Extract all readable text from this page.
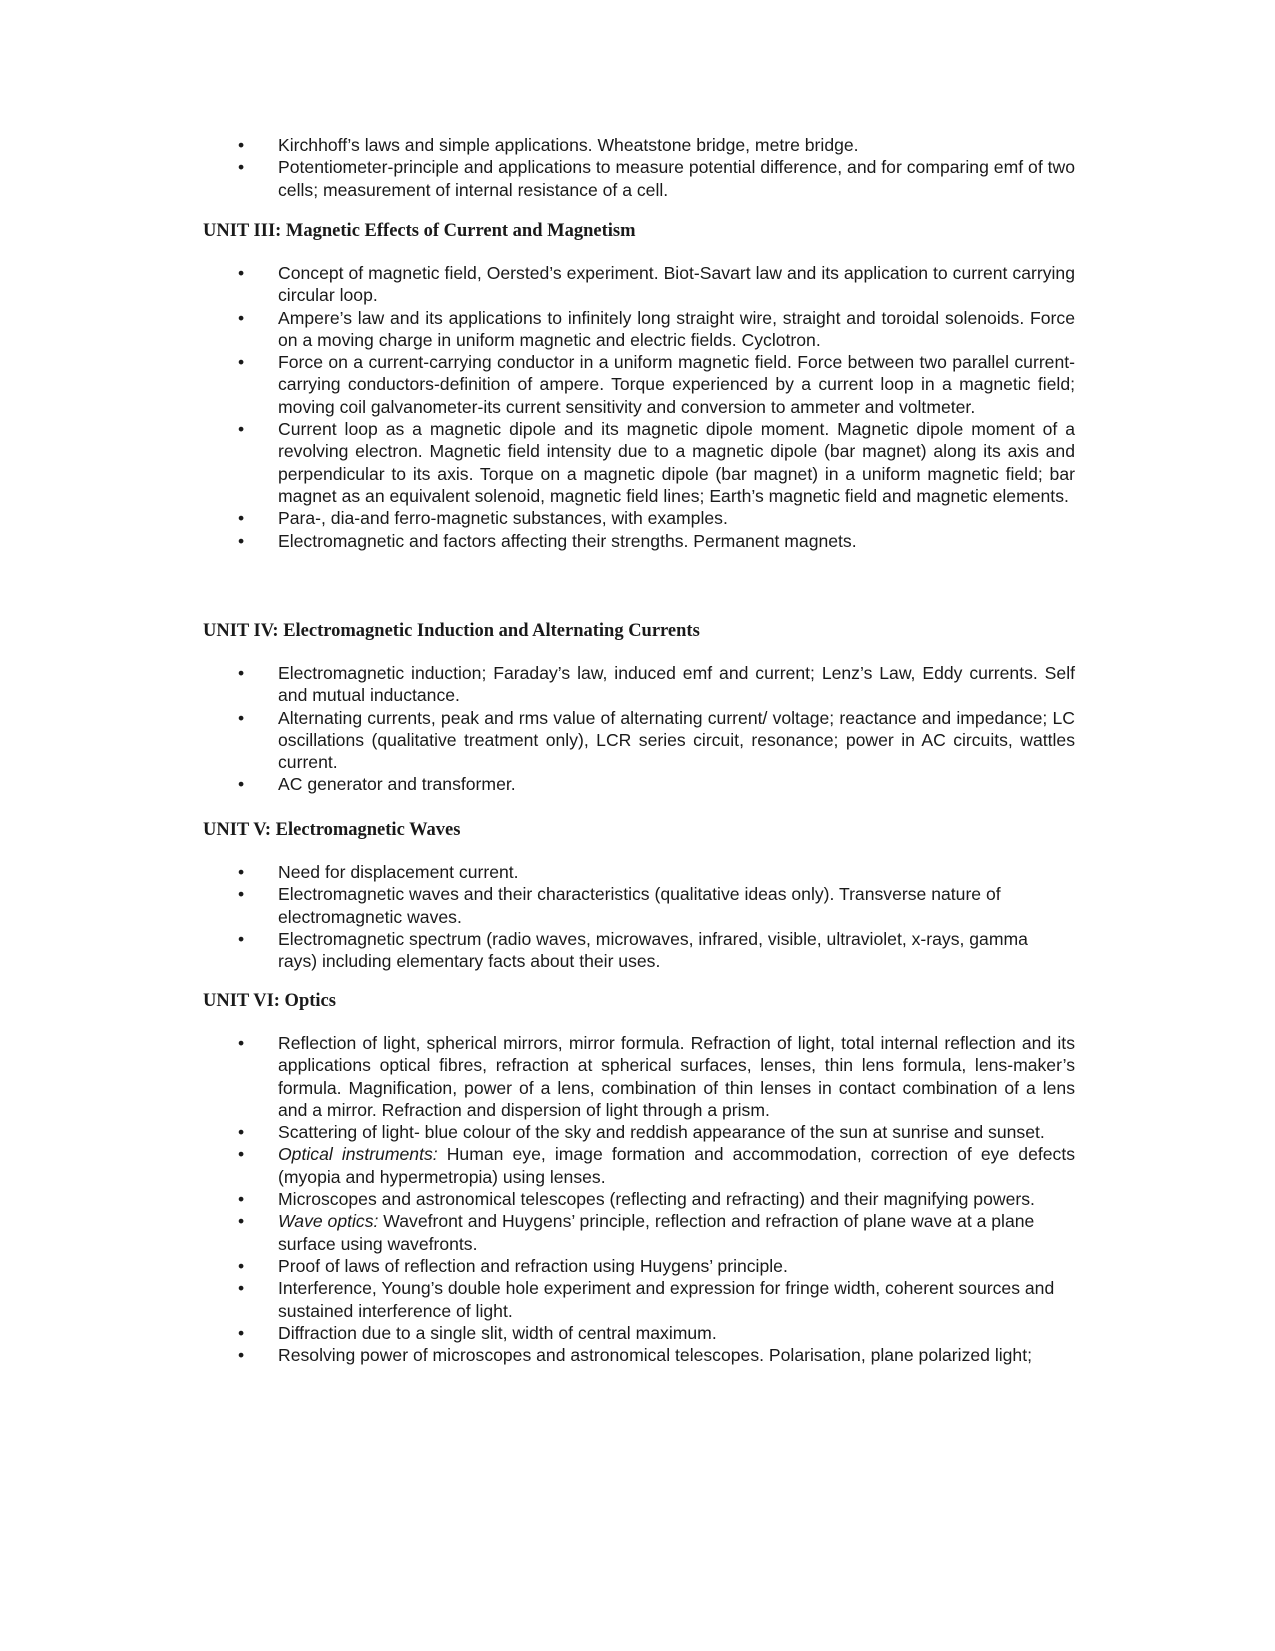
• Kirchhoff’s laws and simple applications. Wheatstone bridge, metre bridge.
• Potentiometer-principle and applications to measure potential difference, and for comparing emf of two cells; measurement of internal resistance of a cell.
UNIT III: Magnetic Effects of Current and Magnetism
• Concept of magnetic field, Oersted’s experiment. Biot-Savart law and its application to current carrying circular loop.
• Ampere’s law and its applications to infinitely long straight wire, straight and toroidal solenoids. Force on a moving charge in uniform magnetic and electric fields. Cyclotron.
• Force on a current-carrying conductor in a uniform magnetic field. Force between two parallel current-carrying conductors-definition of ampere. Torque experienced by a current loop in a magnetic field; moving coil galvanometer-its current sensitivity and conversion to ammeter and voltmeter.
• Current loop as a magnetic dipole and its magnetic dipole moment. Magnetic dipole moment of a revolving electron. Magnetic field intensity due to a magnetic dipole (bar magnet) along its axis and perpendicular to its axis. Torque on a magnetic dipole (bar magnet) in a uniform magnetic field; bar magnet as an equivalent solenoid, magnetic field lines; Earth’s magnetic field and magnetic elements.
• Para-, dia-and ferro-magnetic substances, with examples.
• Electromagnetic and factors affecting their strengths. Permanent magnets.
UNIT IV: Electromagnetic Induction and Alternating Currents
• Electromagnetic induction; Faraday’s law, induced emf and current; Lenz’s Law, Eddy currents. Self and mutual inductance.
• Alternating currents, peak and rms value of alternating current/ voltage; reactance and impedance; LC oscillations (qualitative treatment only), LCR series circuit, resonance; power in AC circuits, wattles current.
• AC generator and transformer.
UNIT V: Electromagnetic Waves
• Need for displacement current.
• Electromagnetic waves and their characteristics (qualitative ideas only). Transverse nature of electromagnetic waves.
• Electromagnetic spectrum (radio waves, microwaves, infrared, visible, ultraviolet, x-rays, gamma rays) including elementary facts about their uses.
UNIT VI: Optics
• Reflection of light, spherical mirrors, mirror formula. Refraction of light, total internal reflection and its applications optical fibres, refraction at spherical surfaces, lenses, thin lens formula, lens-maker’s formula. Magnification, power of a lens, combination of thin lenses in contact combination of a lens and a mirror. Refraction and dispersion of light through a prism.
• Scattering of light- blue colour of the sky and reddish appearance of the sun at sunrise and sunset.
• Optical instruments: Human eye, image formation and accommodation, correction of eye defects (myopia and hypermetropia) using lenses.
• Microscopes and astronomical telescopes (reflecting and refracting) and their magnifying powers.
• Wave optics: Wavefront and Huygens’ principle, reflection and refraction of plane wave at a plane surface using wavefronts.
• Proof of laws of reflection and refraction using Huygens’ principle.
• Interference, Young’s double hole experiment and expression for fringe width, coherent sources and sustained interference of light.
• Diffraction due to a single slit, width of central maximum.
• Resolving power of microscopes and astronomical telescopes. Polarisation, plane polarized light;
